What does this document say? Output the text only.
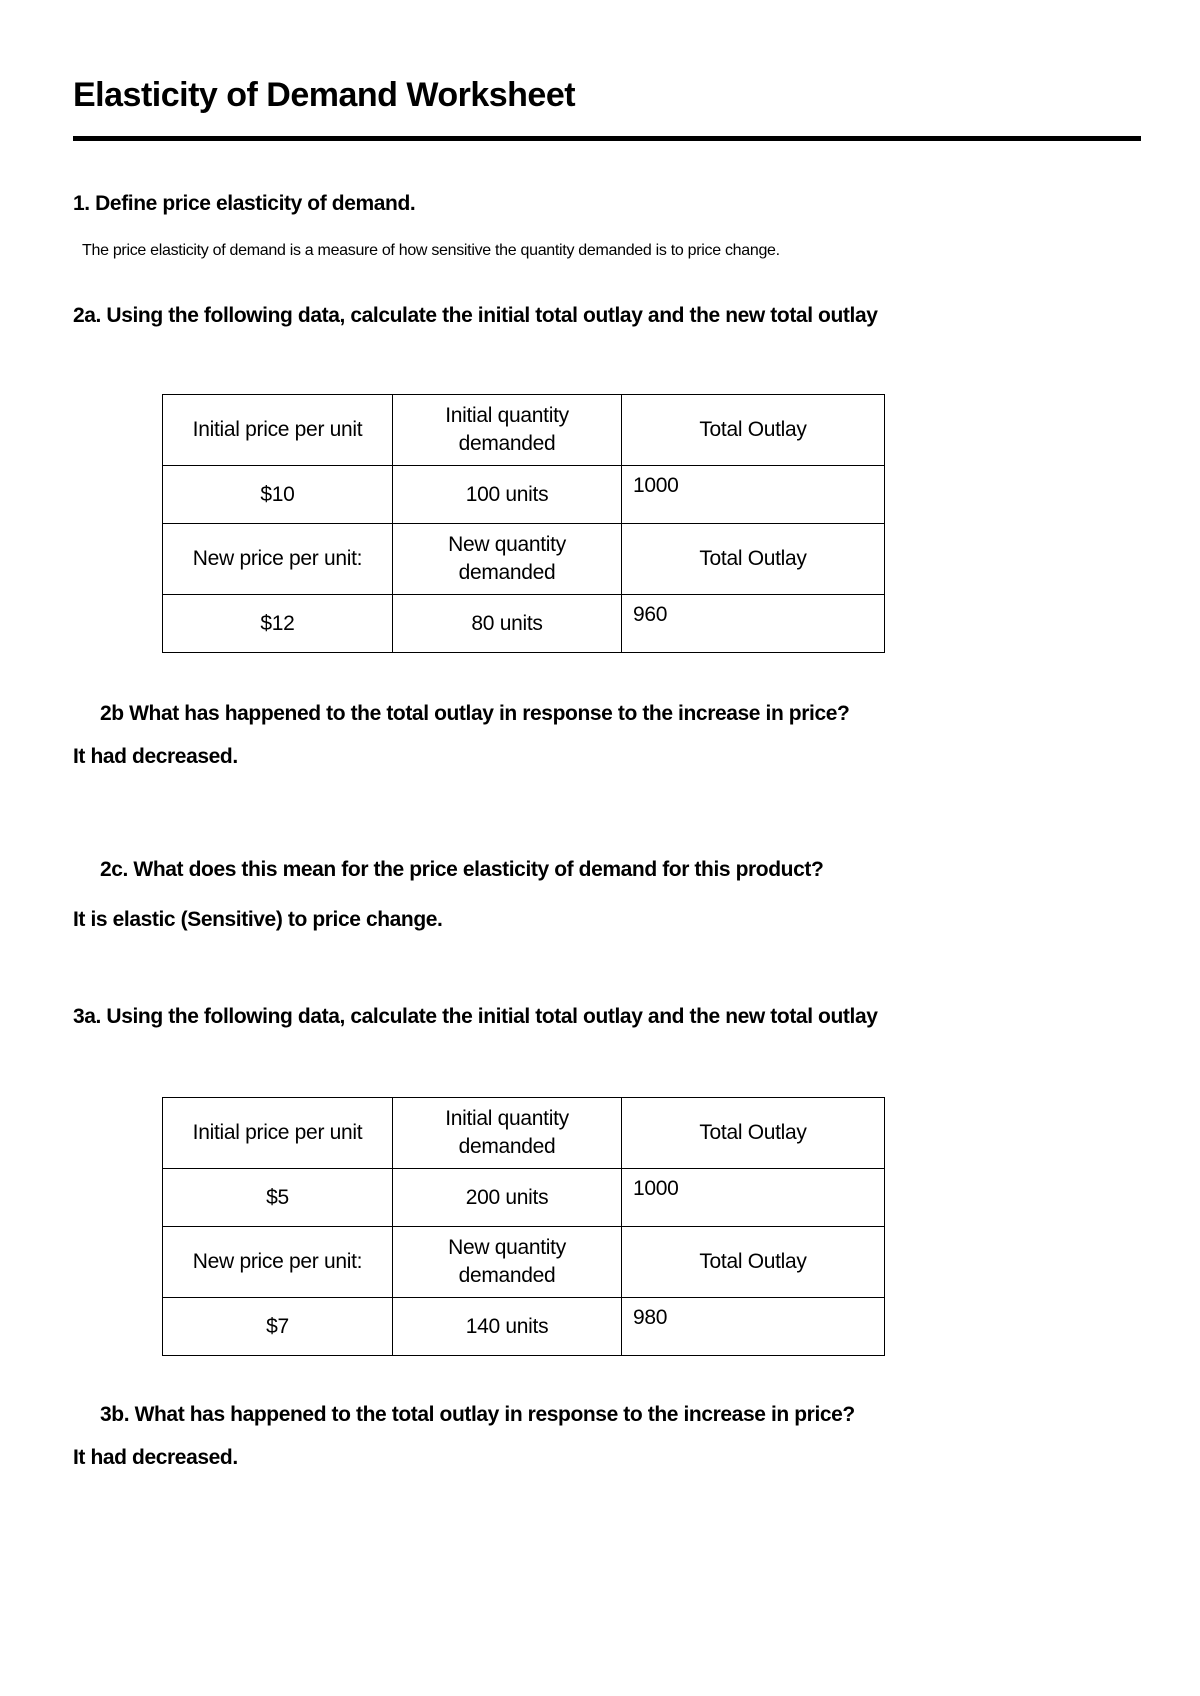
Elasticity of Demand Worksheet

1. Define price elasticity of demand.

The price elasticity of demand is a measure of how sensitive the quantity demanded is to price change.

2a. Using the following data, calculate the initial total outlay and the new total outlay

Initial price per unit	Initial quantity demanded	Total Outlay
$10	100 units	1000
New price per unit:	New quantity demanded	Total Outlay
$12	80 units	960

2b What has happened to the total outlay in response to the increase in price?

It had decreased.

2c. What does this mean for the price elasticity of demand for this product?

It is elastic (Sensitive) to price change.

3a. Using the following data, calculate the initial total outlay and the new total outlay

Initial price per unit	Initial quantity demanded	Total Outlay
$5	200 units	1000
New price per unit:	New quantity demanded	Total Outlay
$7	140 units	980

3b. What has happened to the total outlay in response to the increase in price?

It had decreased.
